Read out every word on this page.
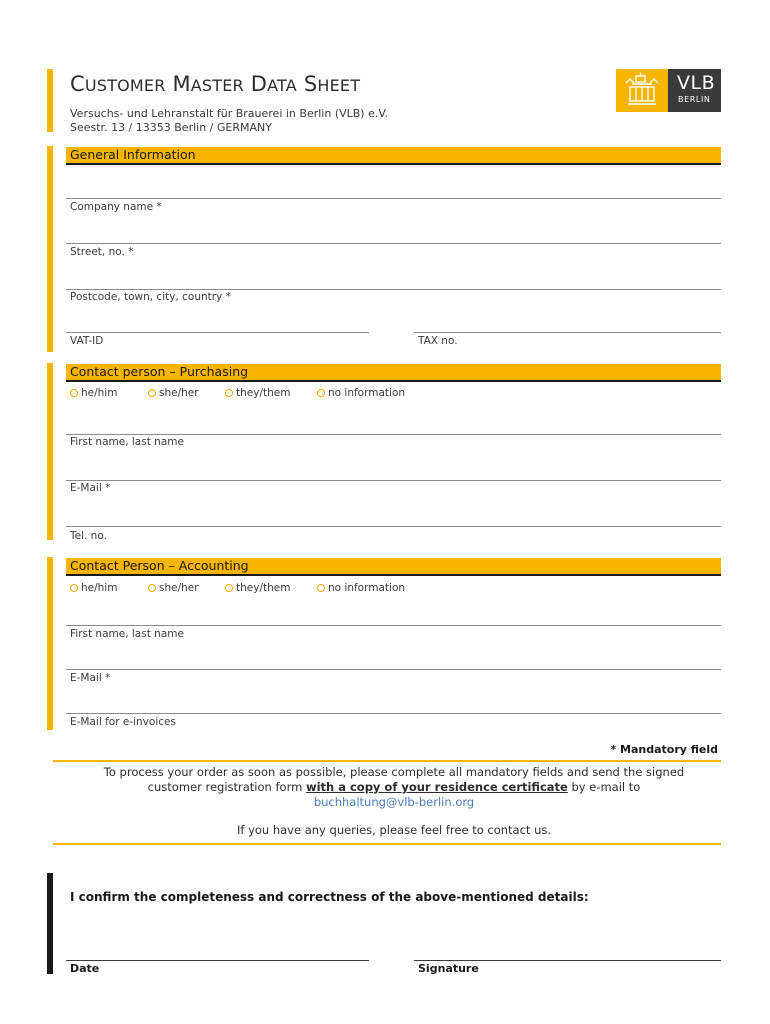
CUSTOMER MASTER DATA SHEET
Versuchs- und Lehranstalt für Brauerei in Berlin (VLB) e.V.
Seestr. 13 / 13353 Berlin / GERMANY
VLB
BERLIN
General Information
Company name *
Street, no. *
Postcode, town, city, country *
VAT-ID	TAX no.
Contact person – Purchasing
he/him	she/her	they/them	no information
First name, last name
E-Mail *
Tel. no.
Contact Person – Accounting
he/him	she/her	they/them	no information
First name, last name
E-Mail *
E-Mail for e-invoices
* Mandatory field
To process your order as soon as possible, please complete all mandatory fields and send the signed
customer registration form with a copy of your residence certificate by e-mail to
buchhaltung@vlb-berlin.org
If you have any queries, please feel free to contact us.
I confirm the completeness and correctness of the above-mentioned details:
Date	Signature
